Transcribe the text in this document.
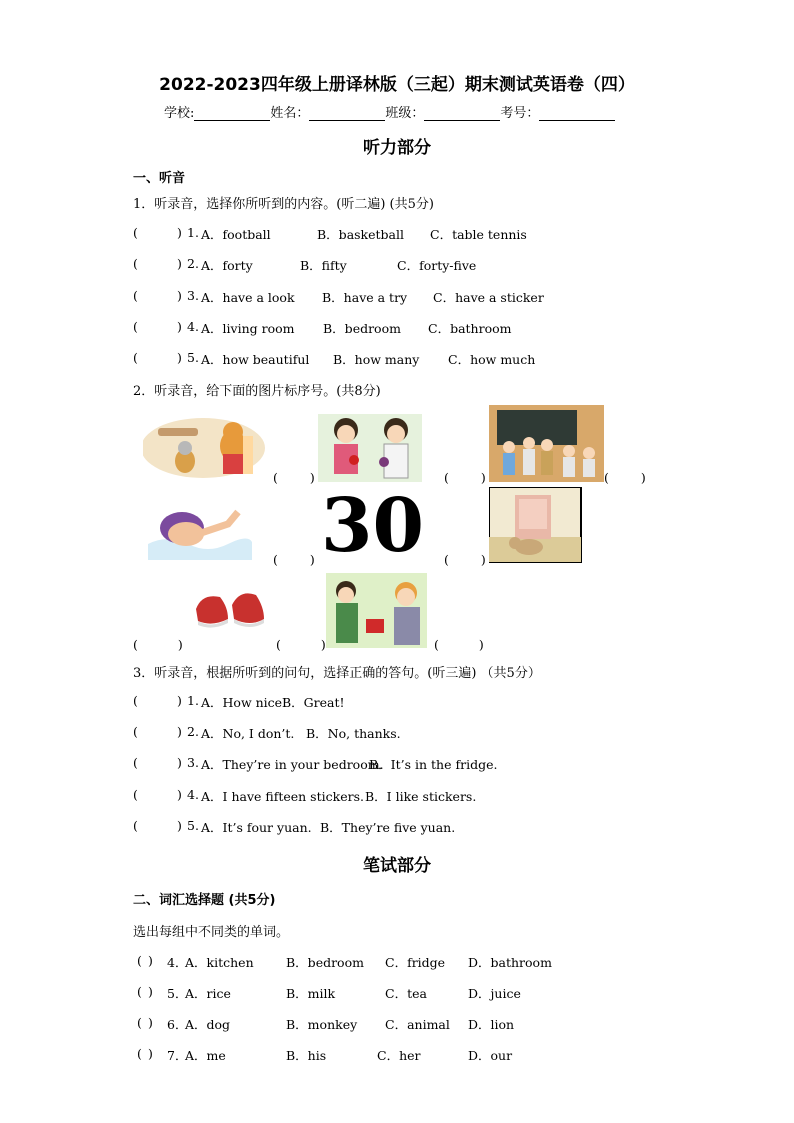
2022-2023四年级上册译林版（三起）期末测试英语卷（四）
学校:	姓名：	班级：	考号：
听力部分
一、听音
1．听录音，选择你所听到的内容。(听二遍) (共5分)
(	) 1. A．football	B．basketball C．table tennis
(	) 2. A．forty	B．fifty	C．forty-five
(	) 3. A．have a look B．have a try C．have a sticker
(	) 4. A．living room B．bedroom C．bathroom
(	) 5. A．how beautiful B．how many C．how much
2．听录音，给下面的图片标序号。(共8分)
(	)	(	)	(	)
(	) 30 (	)
(	)	(	)	(	)
3．听录音，根据所听到的问句，选择正确的答句。(听三遍) （共5分）
(	) 1. A．How nice!
B．Great!
(	) 2. A．No, I don’t. B．No, thanks.
(	) 3. A．They’re in your bedroom.
B．It’s in the fridge.
(	) 4. A．I have fifteen stickers. B．I like stickers.
(	) 5. A．It’s four yuan. B．They’re five yuan.
笔试部分
二、词汇选择题 (共5分)
选出每组中不同类的单词。
( ) 4．
A．kitchen	B．bedroom C．fridge D．bathroom
( ) 5．
A．rice	B．milk	C．tea	D．juice
( ) 6．
A．dog	B．monkey C．animal D．lion
( ) 7．
A．me	B．his	C．her	D．our
